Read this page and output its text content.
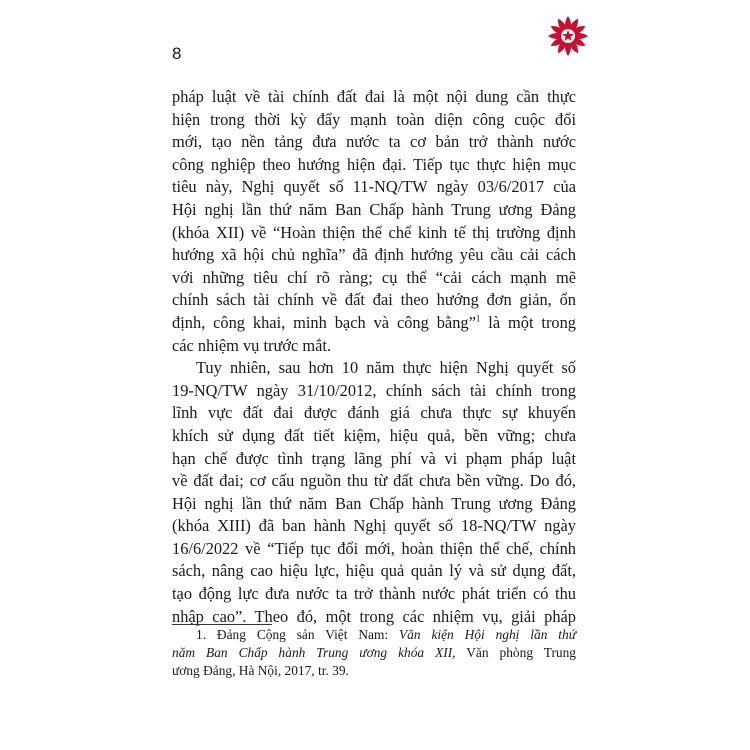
8

pháp luật về tài chính đất đai là một nội dung cần thực

hiện trong thời kỳ đẩy mạnh toàn diện công cuộc đổi

mới, tạo nền tảng đưa nước ta cơ bản trở thành nước

công nghiệp theo hướng hiện đại. Tiếp tục thực hiện mục

tiêu này, Nghị quyết số 11-NQ/TW ngày 03/6/2017 của

Hội nghị lần thứ năm Ban Chấp hành Trung ương Đảng

(khóa XII) về “Hoàn thiện thể chế kinh tế thị trường định

hướng xã hội chủ nghĩa” đã định hướng yêu cầu cải cách

với những tiêu chí rõ ràng; cụ thể “cải cách mạnh mẽ

chính sách tài chính về đất đai theo hướng đơn giản, ổn

định, công khai, minh bạch và công bằng”$^1$ là một trong

các nhiệm vụ trước mắt.

Tuy nhiên, sau hơn 10 năm thực hiện Nghị quyết số

19-NQ/TW ngày 31/10/2012, chính sách tài chính trong

lĩnh vực đất đai được đánh giá chưa thực sự khuyến

khích sử dụng đất tiết kiệm, hiệu quả, bền vững; chưa

hạn chế được tình trạng lãng phí và vi phạm pháp luật

về đất đai; cơ cấu nguồn thu từ đất chưa bền vững. Do đó,

Hội nghị lần thứ năm Ban Chấp hành Trung ương Đảng

(khóa XIII) đã ban hành Nghị quyết số 18-NQ/TW ngày

16/6/2022 về “Tiếp tục đổi mới, hoàn thiện thể chế, chính

sách, nâng cao hiệu lực, hiệu quả quản lý và sử dụng đất,

tạo động lực đưa nước ta trở thành nước phát triển có thu

nhập cao”. Theo đó, một trong các nhiệm vụ, giải pháp

1. Đảng Cộng sản Việt Nam: Văn kiện Hội nghị lần thứ

năm Ban Chấp hành Trung ương khóa XII, Văn phòng Trung

ương Đảng, Hà Nội, 2017, tr. 39.
